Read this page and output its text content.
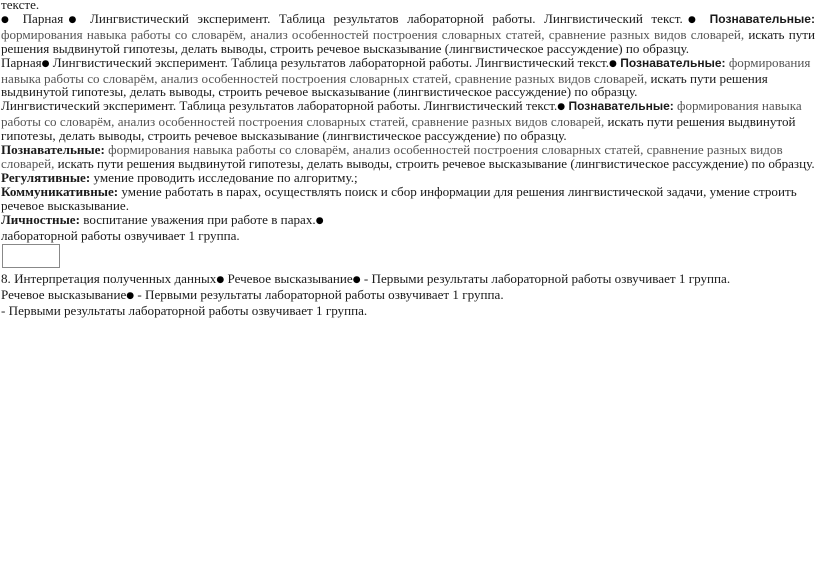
тексте.

● Парная● Лингвистический эксперимент. Таблица результатов лабораторной работы. Лингвистический текст.● Познавательные: формирования навыка работы со словарём, анализ особенностей построения словарных статей, сравнение разных видов словарей, искать пути решения выдвинутой гипотезы, делать выводы, строить речевое высказывание (лингвистическое рассуждение) по образцу.

Парная● Лингвистический эксперимент. Таблица результатов лабораторной работы. Лингвистический текст.● Познавательные: формирования навыка работы со словарём, анализ особенностей построения словарных статей, сравнение разных видов словарей, искать пути решения выдвинутой гипотезы, делать выводы, строить речевое высказывание (лингвистическое рассуждение) по образцу.

Лингвистический эксперимент. Таблица результатов лабораторной работы. Лингвистический текст.● Познавательные: формирования навыка работы со словарём, анализ особенностей построения словарных статей, сравнение разных видов словарей, искать пути решения выдвинутой гипотезы, делать выводы, строить речевое высказывание (лингвистическое рассуждение) по образцу.

Познавательные: формирования навыка работы со словарём, анализ особенностей построения словарных статей, сравнение разных видов словарей, искать пути решения выдвинутой гипотезы, делать выводы, строить речевое высказывание (лингвистическое рассуждение) по образцу.

Регулятивные: умение проводить исследование по алгоритму.;

Коммуникативные: умение работать в парах, осуществлять поиск и сбор информации для решения лингвистической задачи, умение строить речевое высказывание.

Личностные: воспитание уважения при работе в парах.●

лабораторной работы озвучивает 1 группа.

8. Интерпретация полученных данных● Речевое высказывание● - Первыми результаты лабораторной работы озвучивает 1 группа.

Речевое высказывание● - Первыми результаты лабораторной работы озвучивает 1 группа.

- Первыми результаты лабораторной работы озвучивает 1 группа.
